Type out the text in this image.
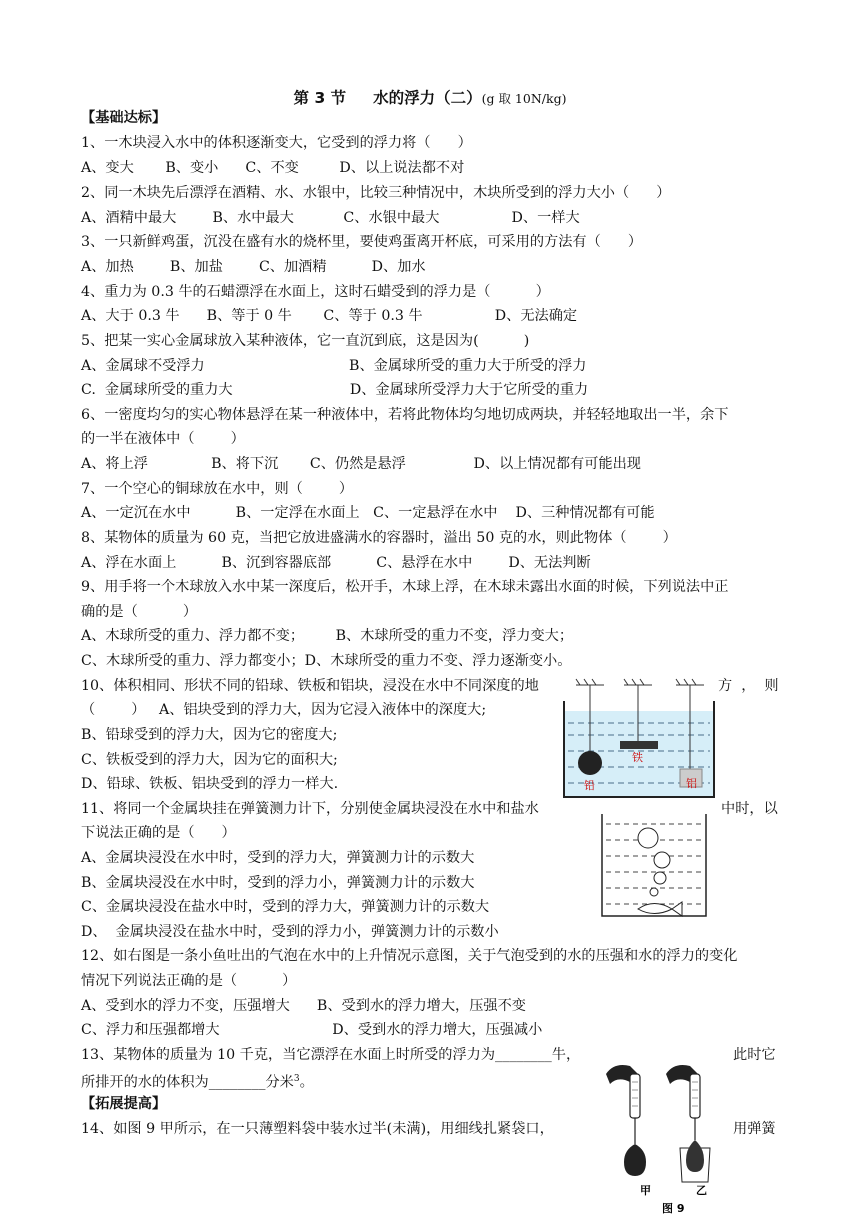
第 3 节     水的浮力（二）(g 取 10N/kg)
【基础达标】
1、一木块浸入水中的体积逐渐变大，它受到的浮力将（      ）
A、变大       B、变小      C、不变         D、以上说法都不对
2、同一木块先后漂浮在酒精、水、水银中，比较三种情况中，木块所受到的浮力大小（      ）
A、酒精中最大        B、水中最大           C、水银中最大                D、一样大
3、一只新鲜鸡蛋，沉没在盛有水的烧杯里，要使鸡蛋离开杯底，可采用的方法有（      ）
A、加热        B、加盐        C、加酒精          D、加水
4、重力为 0.3 牛的石蜡漂浮在水面上，这时石蜡受到的浮力是（          ）
A、大于 0.3 牛      B、等于 0 牛       C、等于 0.3 牛                D、无法确定
5、把某一实心金属球放入某种液体，它一直沉到底，这是因为(          )
A、金属球不受浮力                                B、金属球所受的重力大于所受的浮力
C.  金属球所受的重力大                          D、金属球所受浮力大于它所受的重力
6、一密度均匀的实心物体悬浮在某一种液体中，若将此物体均匀地切成两块，并轻轻地取出一半，余下
的一半在液体中（        ）
A、将上浮              B、将下沉       C、仍然是悬浮               D、以上情况都有可能出现
7、一个空心的铜球放在水中，则（        ）
A、一定沉在水中          B、一定浮在水面上   C、一定悬浮在水中    D、三种情况都有可能
8、某物体的质量为 60 克，当把它放进盛满水的容器时，溢出 50 克的水，则此物体（        ）
A、浮在水面上          B、沉到容器底部          C、悬浮在水中        D、无法判断
9、用手将一个木球放入水中某一深度后，松开手，木球上浮，在木球未露出水面的时候，下列说法中正
确的是（          ）
A、木球所受的重力、浮力都不变；       B、木球所受的重力不变，浮力变大；
C、木球所受的重力、浮力都变小；D、木球所受的重力不变、浮力逐渐变小。
10、体积相同、形状不同的铅球、铁板和铝块，浸没在水中不同深度的地	方  ，  则
（        ）   A、铝块受到的浮力大，因为它浸入液体中的深度大;
B、铅球受到的浮力大，因为它的密度大;
C、铁板受到的浮力大，因为它的面积大;
D、铅球、铁板、铝块受到的浮力一样大.
11、将同一个金属块挂在弹簧测力计下，分别使金属块浸没在水中和盐水	中时，以
下说法正确的是（      ）
A、金属块浸没在水中时，受到的浮力大，弹簧测力计的示数大
B、金属块浸没在水中时，受到的浮力小，弹簧测力计的示数大
C、金属块浸没在盐水中时，受到的浮力大，弹簧测力计的示数大
D、  金属块浸没在盐水中时，受到的浮力小，弹簧测力计的示数小
12、如右图是一条小鱼吐出的气泡在水中的上升情况示意图，关于气泡受到的水的压强和水的浮力的变化
情况下列说法正确的是（          ）
A、受到水的浮力不变，压强增大      B、受到水的浮力增大，压强不变
C、浮力和压强都增大                         D、受到水的浮力增大，压强减小
13、某物体的质量为 10 千克，当它漂浮在水面上时所受的浮力为________牛，	此时它
所排开的水的体积为________分米$^3$。
【拓展提高】
14、如图 9 甲所示，在一只薄塑料袋中装水过半(未满)，用细线扎紧袋口，	用弹簧
铅
铁
铝
甲	乙
图 9
